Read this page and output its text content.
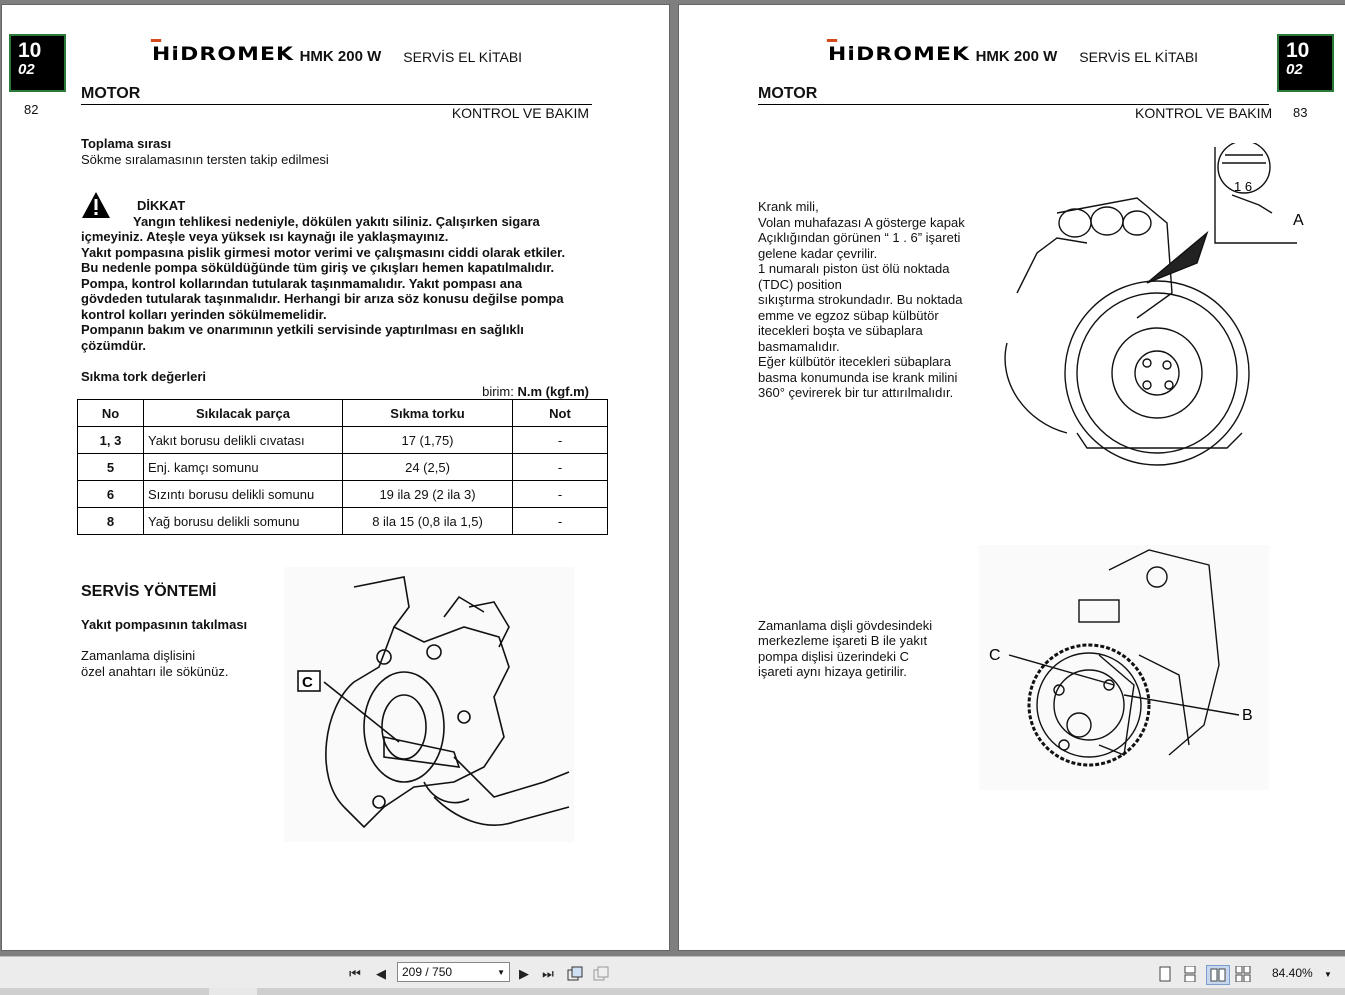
10
02
82
HiDROMEK HMK 200 W SERVİS EL KİTABI
MOTOR
KONTROL VE BAKIM
Toplama sırası
Sökme sıralamasının tersten takip edilmesi
DİKKAT
Yangın tehlikesi nedeniyle, dökülen yakıtı siliniz. Çalışırken sigara
içmeyiniz. Ateşle veya yüksek ısı kaynağı ile yaklaşmayınız.
Yakıt pompasına pislik girmesi motor verimi ve çalışmasını ciddi olarak etkiler.
Bu nedenle pompa söküldüğünde tüm giriş ve çıkışları hemen kapatılmalıdır.
Pompa, kontrol kollarından tutularak taşınmamalıdır. Yakıt pompası ana
gövdeden tutularak taşınmalıdır. Herhangi bir arıza söz konusu değilse pompa
kontrol kolları yerinden sökülmemelidir.
Pompanın bakım ve onarımının yetkili servisinde yaptırılması en sağlıklı
çözümdür.
Sıkma tork değerleri
birim: N.m (kgf.m)
No	Sıkılacak parça	Sıkma torku	Not
1, 3	Yakıt borusu delikli cıvatası	17 (1,75)	-
5	Enj. kamçı somunu	24 (2,5)	-
6	Sızıntı borusu delikli somunu	19 ila 29 (2 ila 3)	-
8	Yağ borusu delikli somunu	8 ila 15 (0,8 ila 1,5)	-
SERVİS YÖNTEMİ
Yakıt pompasının takılması
Zamanlama dişlisini
özel anahtarı ile sökünüz.
C
10
02
83
HiDROMEK HMK 200 W SERVİS EL KİTABI
MOTOR
KONTROL VE BAKIM
Krank mili,
Volan muhafazası A gösterge kapak
Açıklığından görünen “ 1 . 6” işareti
gelene kadar çevrilir.
1 numaralı piston üst ölü noktada
(TDC) position
sıkıştırma strokundadır. Bu noktada
emme ve egzoz sübap külbütör
itecekleri boşta ve sübaplara
basmamalıdır.
Eğer külbütör itecekleri sübaplara
basma konumunda ise krank milini
360° çevirerek bir tur attırılmalıdır.
1 6
A
Zamanlama dişli gövdesindeki
merkezleme işareti B ile yakıt
pompa dişlisi üzerindeki C
işareti aynı hizaya getirilir.
C
B
⏮	◀	209 / 750	▼	▶	⏭	84.40% ▼
